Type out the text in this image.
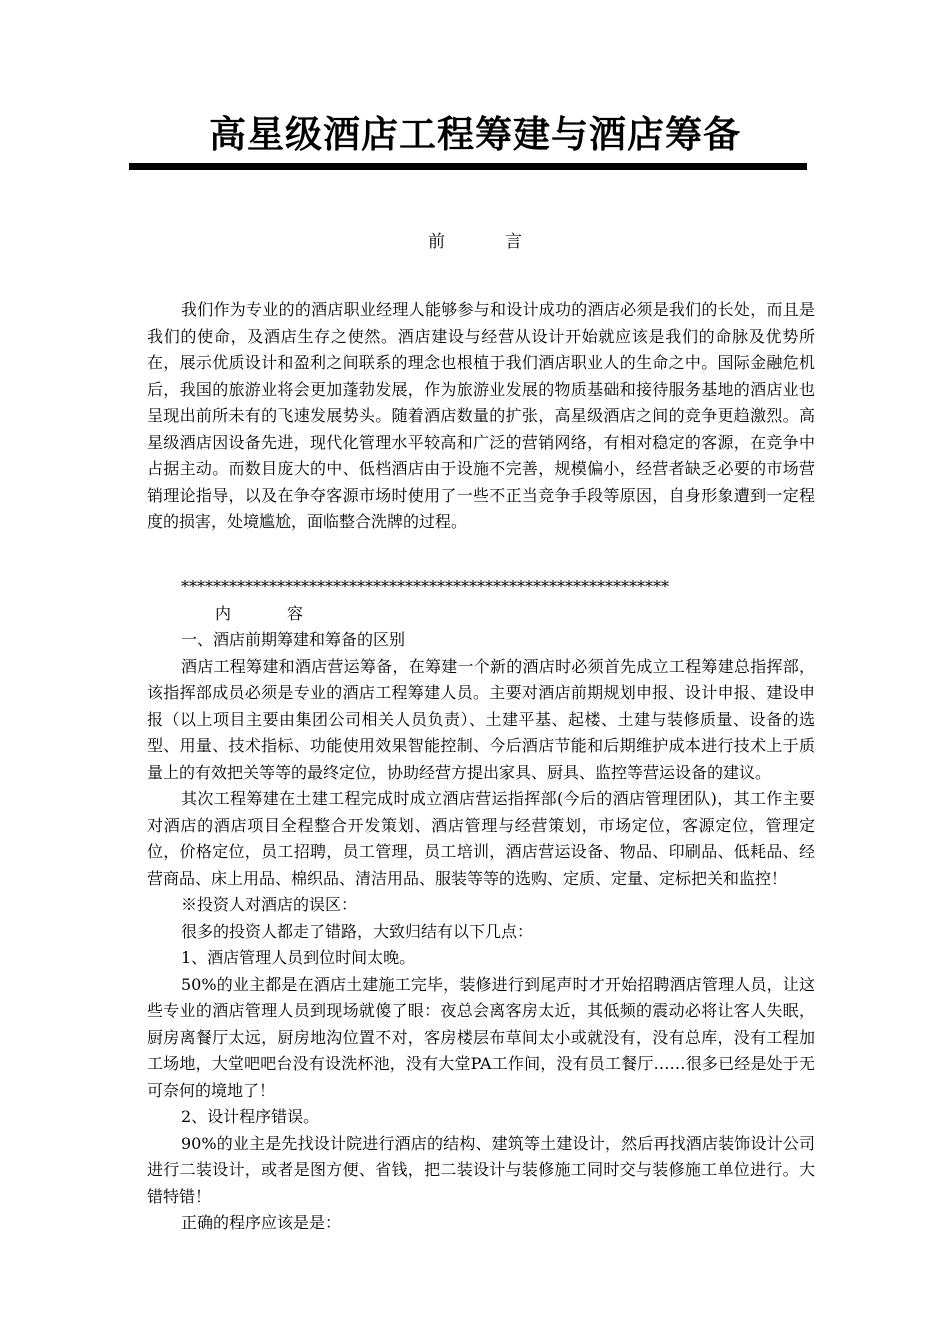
高星级酒店工程筹建与酒店筹备
前	言

我们作为专业的的酒店职业经理人能够参与和设计成功的酒店必须是我们的长处，而且是我们的使命，及酒店生存之使然。酒店建设与经营从设计开始就应该是我们的命脉及优势所在，展示优质设计和盈利之间联系的理念也根植于我们酒店职业人的生命之中。国际金融危机后，我国的旅游业将会更加蓬勃发展，作为旅游业发展的物质基础和接待服务基地的酒店业也呈现出前所未有的飞速发展势头。随着酒店数量的扩张，高星级酒店之间的竞争更趋激烈。高星级酒店因设备先进，现代化管理水平较高和广泛的营销网络，有相对稳定的客源，在竞争中占据主动。而数目庞大的中、低档酒店由于设施不完善，规模偏小，经营者缺乏必要的市场营销理论指导，以及在争夺客源市场时使用了一些不正当竞争手段等原因，自身形象遭到一定程度的损害，处境尴尬，面临整合洗牌的过程。

*************************************************************

内	容

一、酒店前期筹建和筹备的区别

酒店工程筹建和酒店营运筹备，在筹建一个新的酒店时必须首先成立工程筹建总指挥部，该指挥部成员必须是专业的酒店工程筹建人员。主要对酒店前期规划申报、设计申报、建设申报（以上项目主要由集团公司相关人员负责）、土建平基、起楼、土建与装修质量、设备的选型、用量、技术指标、功能使用效果智能控制、今后酒店节能和后期维护成本进行技术上于质量上的有效把关等等的最终定位，协助经营方提出家具、厨具、监控等营运设备的建议。

其次工程筹建在土建工程完成时成立酒店营运指挥部(今后的酒店管理团队)，其工作主要对酒店的酒店项目全程整合开发策划、酒店管理与经营策划，市场定位，客源定位，管理定位，价格定位，员工招聘，员工管理，员工培训，酒店营运设备、物品、印刷品、低耗品、经营商品、床上用品、棉织品、清洁用品、服装等等的选购、定质、定量、定标把关和监控！

※投资人对酒店的误区：

很多的投资人都走了错路，大致归结有以下几点：

1、酒店管理人员到位时间太晚。

50%的业主都是在酒店土建施工完毕，装修进行到尾声时才开始招聘酒店管理人员，让这些专业的酒店管理人员到现场就傻了眼：夜总会离客房太近，其低频的震动必将让客人失眠，厨房离餐厅太远，厨房地沟位置不对，客房楼层布草间太小或就没有，没有总库，没有工程加工场地，大堂吧吧台没有设洗杯池，没有大堂PA工作间，没有员工餐厅……很多已经是处于无可奈何的境地了！

2、设计程序错误。

90%的业主是先找设计院进行酒店的结构、建筑等土建设计，然后再找酒店装饰设计公司进行二装设计，或者是图方便、省钱，把二装设计与装修施工同时交与装修施工单位进行。大错特错！

正确的程序应该是是：
